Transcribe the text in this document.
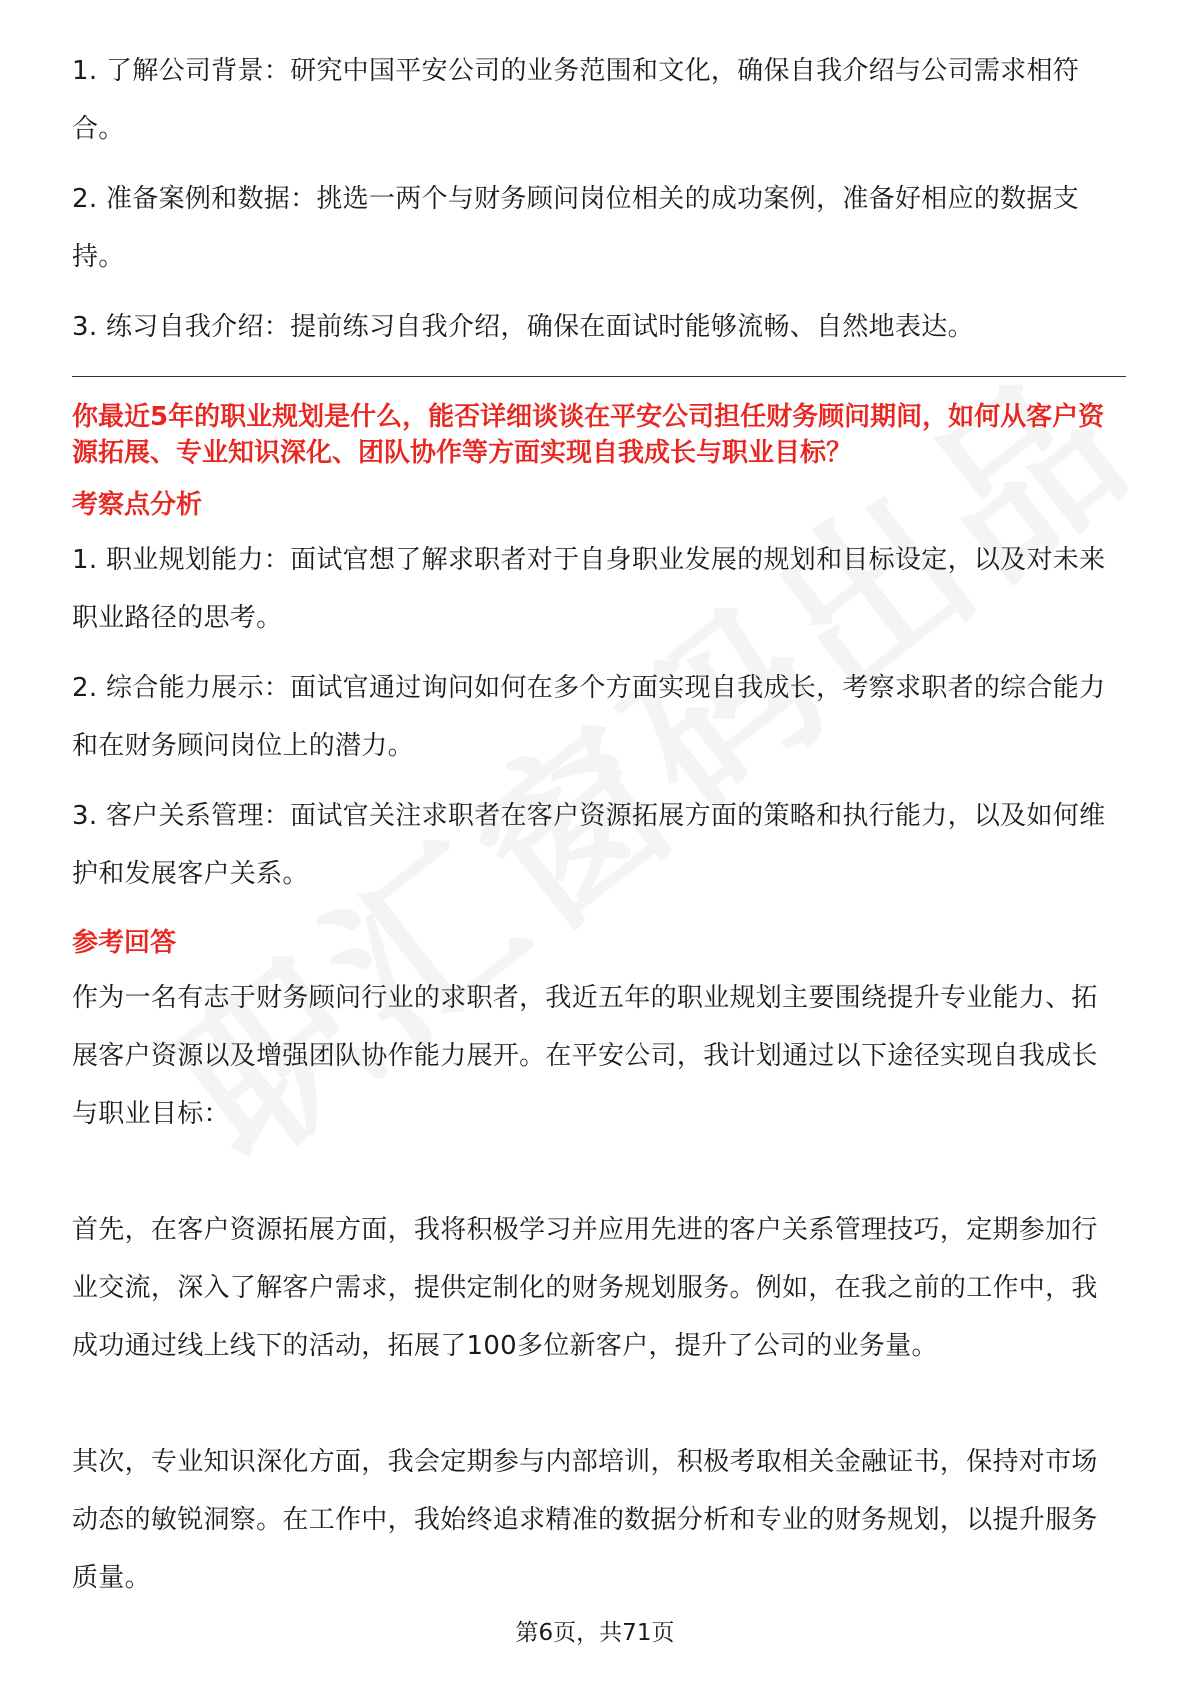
1. 了解公司背景：研究中国平安公司的业务范围和文化，确保自我介绍与公司需求相符合。

2. 准备案例和数据：挑选一两个与财务顾问岗位相关的成功案例，准备好相应的数据支持。

3. 练习自我介绍：提前练习自我介绍，确保在面试时能够流畅、自然地表达。

你最近5年的职业规划是什么，能否详细谈谈在平安公司担任财务顾问期间，如何从客户资源拓展、专业知识深化、团队协作等方面实现自我成长与职业目标？

考察点分析

1. 职业规划能力：面试官想了解求职者对于自身职业发展的规划和目标设定，以及对未来职业路径的思考。

2. 综合能力展示：面试官通过询问如何在多个方面实现自我成长，考察求职者的综合能力和在财务顾问岗位上的潜力。

3. 客户关系管理：面试官关注求职者在客户资源拓展方面的策略和执行能力，以及如何维护和发展客户关系。

参考回答

作为一名有志于财务顾问行业的求职者，我近五年的职业规划主要围绕提升专业能力、拓展客户资源以及增强团队协作能力展开。在平安公司，我计划通过以下途径实现自我成长与职业目标：

首先，在客户资源拓展方面，我将积极学习并应用先进的客户关系管理技巧，定期参加行业交流，深入了解客户需求，提供定制化的财务规划服务。例如，在我之前的工作中，我成功通过线上线下的活动，拓展了100多位新客户，提升了公司的业务量。

其次，专业知识深化方面，我会定期参与内部培训，积极考取相关金融证书，保持对市场动态的敏锐洞察。在工作中，我始终追求精准的数据分析和专业的财务规划，以提升服务质量。

第6页，共71页
